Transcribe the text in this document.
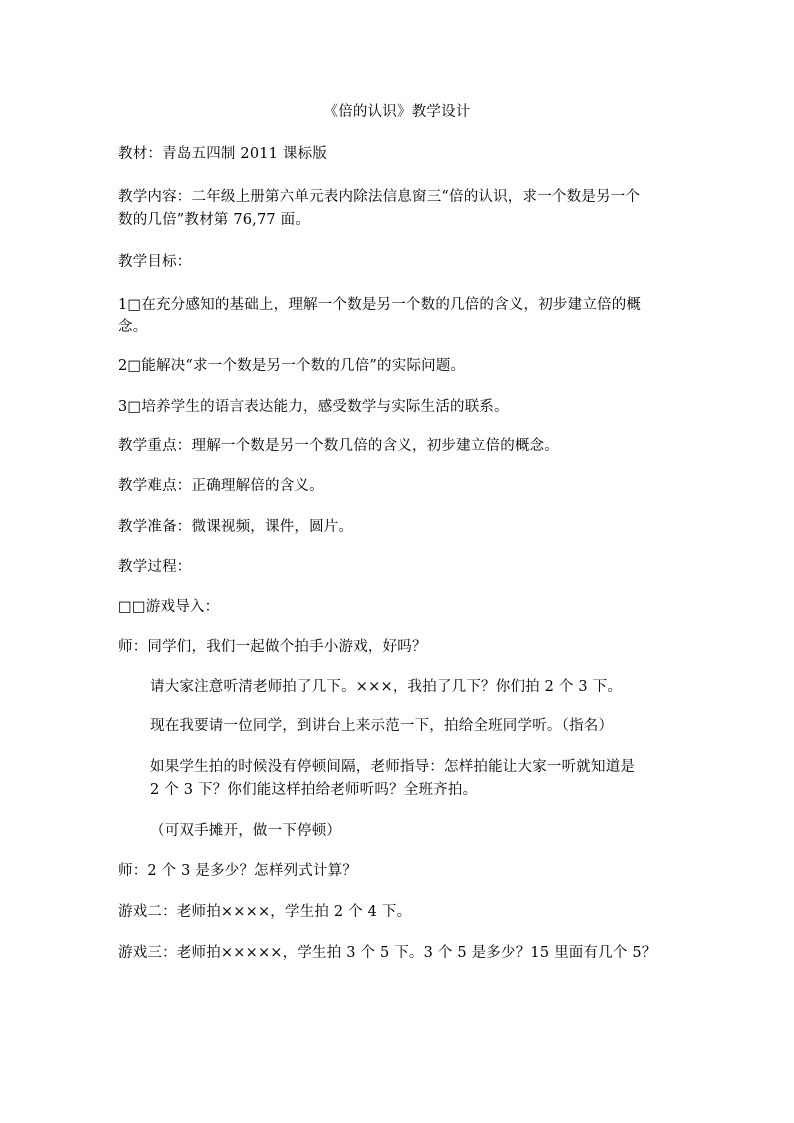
《倍的认识》教学设计
教材：青岛五四制 2011 课标版
教学内容：二年级上册第六单元表内除法信息窗三“倍的认识，求一个数是另一个
数的几倍”教材第 76,77 面。
教学目标：
1□在充分感知的基础上，理解一个数是另一个数的几倍的含义，初步建立倍的概
念。
2□能解决“求一个数是另一个数的几倍”的实际问题。
3□培养学生的语言表达能力，感受数学与实际生活的联系。
教学重点：理解一个数是另一个数几倍的含义，初步建立倍的概念。
教学难点：正确理解倍的含义。
教学准备：微课视频，课件，圆片。
教学过程：
□□游戏导入：
师：同学们，我们一起做个拍手小游戏，好吗？
请大家注意听清老师拍了几下。×××，我拍了几下？你们拍 2 个 3 下。
现在我要请一位同学，到讲台上来示范一下，拍给全班同学听。（指名）
如果学生拍的时候没有停顿间隔，老师指导：怎样拍能让大家一听就知道是
2 个 3 下？你们能这样拍给老师听吗？全班齐拍。
（可双手摊开，做一下停顿）
师：2 个 3 是多少？怎样列式计算？
游戏二：老师拍××××，学生拍 2 个 4 下。
游戏三：老师拍×××××，学生拍 3 个 5 下。3 个 5 是多少？15 里面有几个 5？
